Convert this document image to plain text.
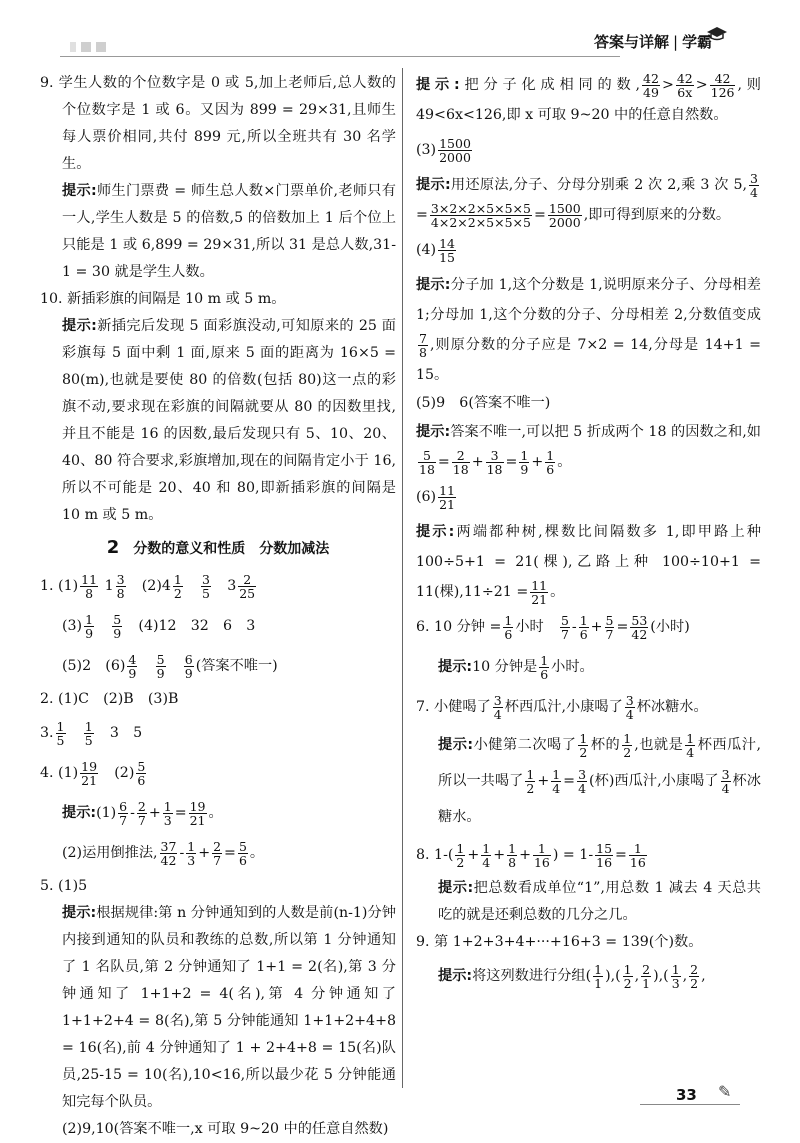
答案与详解 | 学霸

9. 学生人数的个位数字是 0 或 5,加上老师后,总人数的个位数字是 1 或 6。又因为 899 = 29×31,且师生每人票价相同,共付 899 元,所以全班共有 30 名学生。

提示:师生门票费 = 师生总人数×门票单价,老师只有一人,学生人数是 5 的倍数,5 的倍数加上 1 后个位上只能是 1 或 6,899 = 29×31,所以 31 是总人数,31-1 = 30 就是学生人数。

10. 新插彩旗的间隔是 10 m 或 5 m。

提示:新插完后发现 5 面彩旗没动,可知原来的 25 面彩旗每 5 面中剩 1 面,原来 5 面的距离为 16×5 = 80(m),也就是要使 80 的倍数(包括 80)这一点的彩旗不动,要求现在彩旗的间隔就要从 80 的因数里找,并且不能是 16 的因数,最后发现只有 5、10、20、40、80 符合要求,彩旗增加,现在的间隔肯定小于 16,所以不可能是 20、40 和 80,即新插彩旗的间隔是 10 m 或 5 m。

2 分数的意义和性质　分数加减法

1. $(1) \frac{11}{8} 1 \frac{3}{8}$
　 $(2)4 \frac{1}{2}$
　 $\frac{3}{5}$
　 $3 \frac{2}{25}$

$(3) \frac{1}{9}$
　 $\frac{5}{9}$
　 (4)12　32　6　3

(5)2　$(6) \frac{4}{9}$
　 $\frac{5}{9}$
　 $\frac{6}{9}$ (答案不唯一)

2. (1)C　(2)B　(3)B

3. $\frac{1}{5}$
　 $\frac{1}{5}$
　 3　5

4. $(1) \frac{19}{21}$
　 $(2) \frac{5}{6}$

提示:(1) $\frac{6}{7} - \frac{2}{7} + \frac{1}{3} = \frac{19}{21}$ 。

(2)运用倒推法, $\frac{37}{42} - \frac{1}{3} + \frac{2}{7} = \frac{5}{6}$ 。

5. (1)5

提示:根据规律:第 n 分钟通知到的人数是前(n-1)分钟内接到通知的队员和教练的总数,所以第 1 分钟通知了 1 名队员,第 2 分钟通知了 1+1 = 2(名),第 3 分钟通知了 1+1+2 = 4(名),第 4 分钟通知了 1+1+2+4 = 8(名),第 5 分钟能通知 1+1+2+4+8 = 16(名),前 4 分钟通知了 1 + 2+4+8 = 15(名)队员,25-15 = 10(名),10<16,所以最少花 5 分钟能通知完每个队员。

(2)9,10(答案不唯一,x 可取 9~20 中的任意自然数)

提示:把分子化成相同的数, $\frac{42}{49} > \frac{42}{6x} > \frac{42}{126}$ ,则 49<6x<126,即 x 可取 9~20 中的任意自然数。

$(3) \frac{1500}{2000}$

提示:用还原法,分子、分母分别乘 2 次 2,乘 3 次 5, $\frac{3}{4}$
= $\frac{3\times 2\times 2\times 5\times 5\times 5}{4\times 2\times 2\times 5\times 5\times 5} = \frac{1500}{2000}$ ,即可得到原来的分数。

$(4) \frac{14}{15}$

提示:分子加 1,这个分数是 1,说明原来分子、分母相差 1;分母加 1,这个分数的分子、分母相差 2,分数值变成
$\frac{7}{8}$ ,则原分数的分子应是 7×2 = 14,分母是 14+1 = 15。

(5)9　6(答案不唯一)

提示:答案不唯一,可以把 5 折成两个 18 的因数之和,如
$\frac{5}{18} = \frac{2}{18} + \frac{3}{18} = \frac{1}{9} + \frac{1}{6}$ 。

$(6) \frac{11}{21}$

提示:两端都种树,棵数比间隔数多 1,即甲路上种 100÷5+1 = 21(棵),乙路上种 100÷10+1 = 11(棵)$,11\div 21 = \frac{11}{21}$ 。

6. 10 分钟 = $\frac{1}{6}$ 小时　 $\frac{5}{7} - \frac{1}{6} + \frac{5}{7} = \frac{53}{42}$ (小时)

提示:10 分钟是 $\frac{1}{6}$ 小时。

7. 小健喝了 $\frac{3}{4}$ 杯西瓜汁,小康喝了 $\frac{3}{4}$ 杯冰糖水。

提示:小健第二次喝了 $\frac{1}{2}$ 杯的 $\frac{1}{2}$ ,也就是 $\frac{1}{4}$ 杯西瓜汁,所以一共喝了 $\frac{1}{2} + \frac{1}{4} = \frac{3}{4}$ (杯)西瓜汁,小康喝了 $\frac{3}{4}$ 杯冰糖水。

8. $1-( \frac{1}{2} + \frac{1}{4} + \frac{1}{8} + \frac{1}{16}$ ) = $1- \frac{15}{16} = \frac{1}{16}$

提示:把总数看成单位“1”,用总数 1 减去 4 天总共吃的就是还剩总数的几分之几。

9. 第 1+2+3+4+···+16+3 = 139(个)数。

提示:将这列数进行分组( $\frac{1}{1}$ ),( $\frac{1}{2}$ , $\frac{2}{1}$ ),( $\frac{1}{3}$ , $\frac{2}{2}$ ,

33	✎
